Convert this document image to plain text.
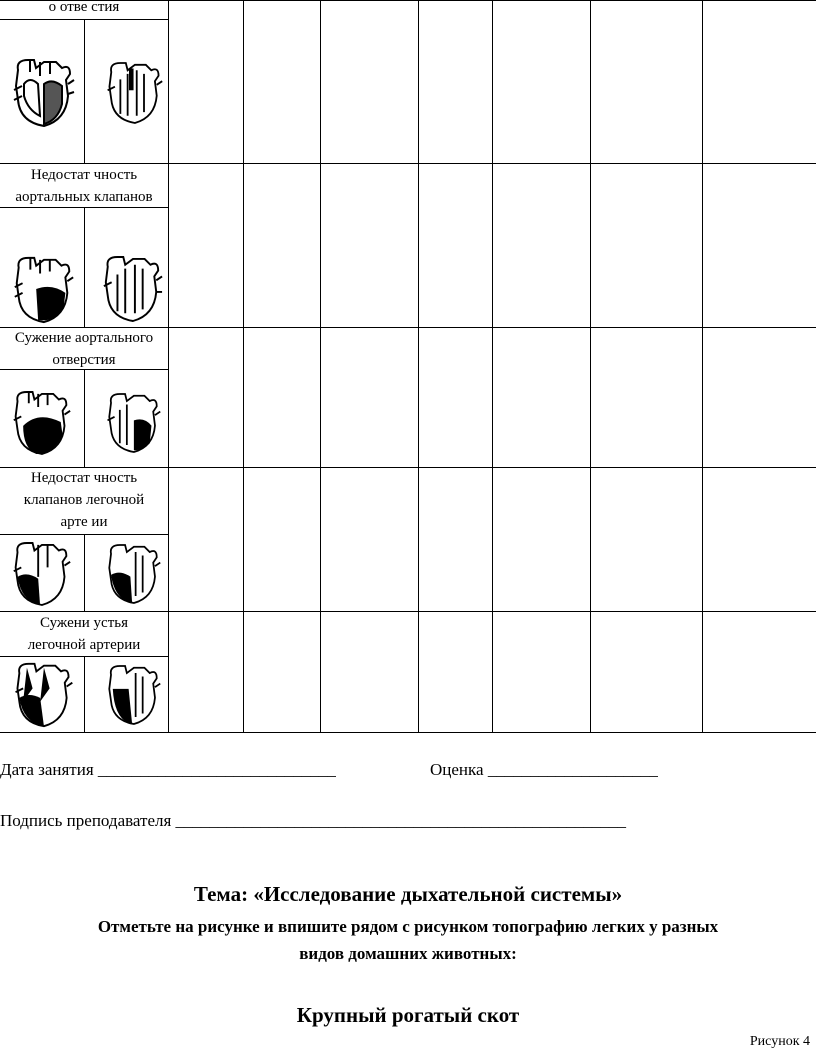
о отве стия
Недостат чность
аортальных клапанов
Сужение аортального
отверстия
Недостат чность
клапанов легочной
арте ии
Сужени устья
легочной артерии
Дата занятия ____________________________	Оценка ____________________
Подпись преподавателя _____________________________________________________
Тема: «Исследование дыхательной системы»
Отметьте на рисунке и впишите рядом с рисунком топографию легких у разных
видов домашних животных:
Крупный рогатый скот
Рисунок 4
